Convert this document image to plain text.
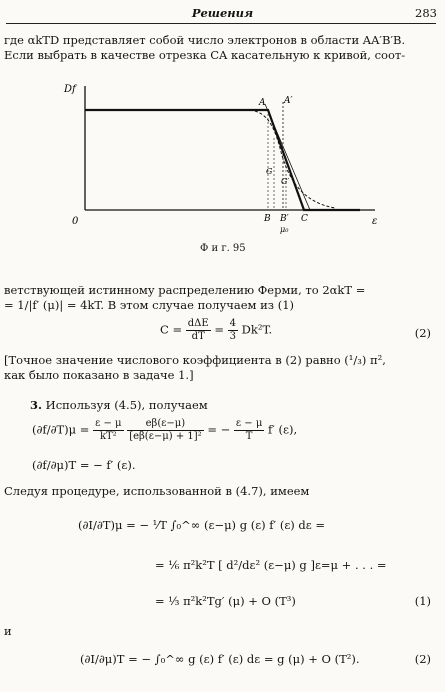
Решения	283
где αkTD представляет собой число электронов в области AA′B′B.
Если выбрать в качестве отрезка CA касательную к кривой, соот-
Df
ε
0
A A′
G
G′
B B′ C
μ₀
Ф и г. 95
ветствующей истинному распределению Ферми, то 2αkT =
= 1/|f′ (μ)| = 4kT. В этом случае получаем из (1)
$C = \frac{\text{dΔE}}{dT} = \frac{4}{3} Dk^2T$.	(2)
[Точное значение числового коэффициента в (2) равно (¹/₃) π²,
как было показано в задаче 1.]
3. Используя (4.5), получаем
$(\partial f/\partial T)\mu = \frac{\varepsilon - \mu}{\text{kT²}}$
$\frac{e\beta(\varepsilon-\mu)}{\text{[eβ(ε−μ) + 1]²}}$ = − $\frac{\varepsilon - \mu}{T} f'$ (ε),
(∂f/∂μ)T = − f′ (ε).
Следуя процедуре, использованной в (4.7), имеем
(∂I/∂T)μ = − ¹⁄T ∫₀^∞ (ε−μ) g (ε) f′ (ε) dε =
= ⅙ π²k²T [ d²/dε² (ε−μ) g ]ε=μ + . . . =
= ⅓ π²k²Tg′ (μ) + O (T³)	(1)
и
(∂I/∂μ)T = − ∫₀^∞ g (ε) f′ (ε) dε = g (μ) + O (T²).	(2)
